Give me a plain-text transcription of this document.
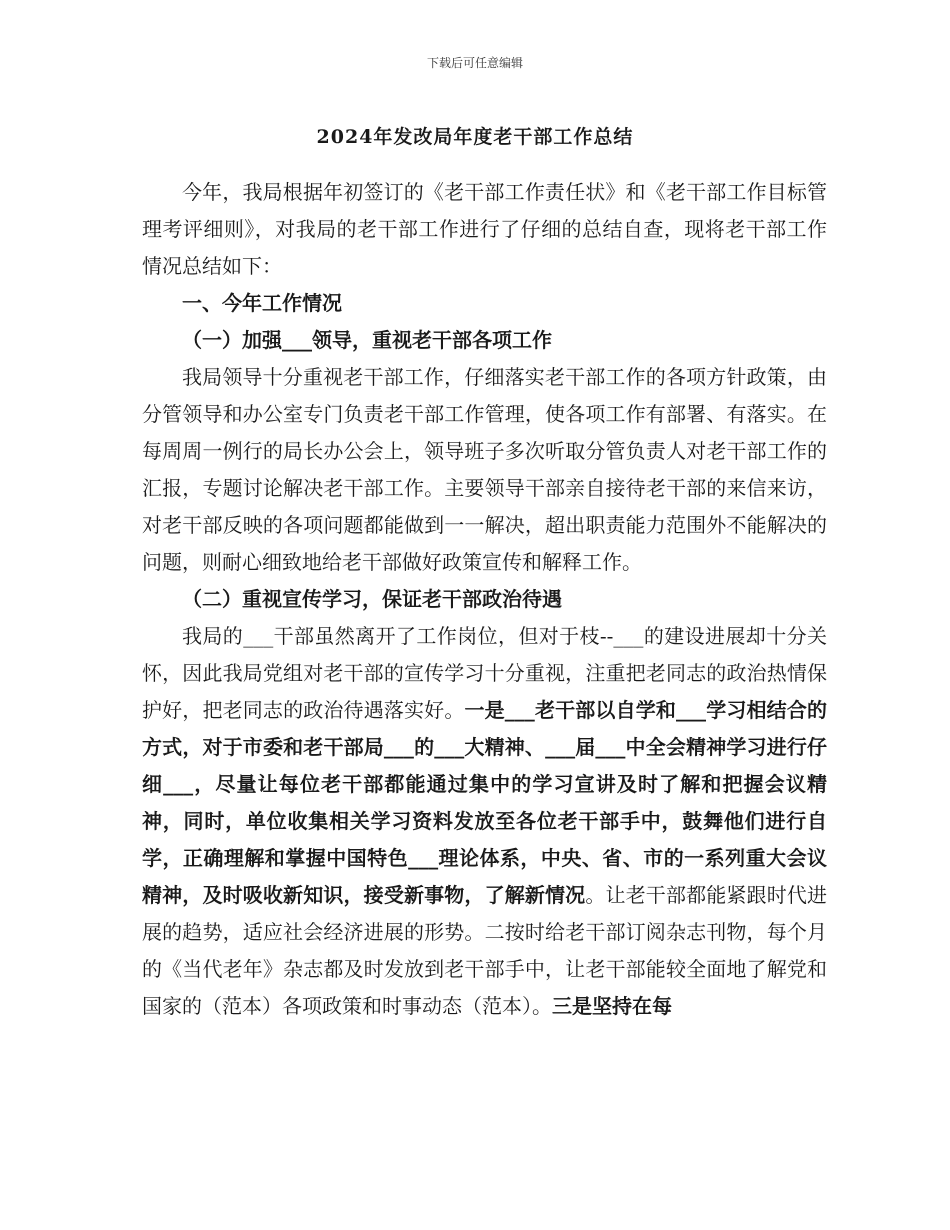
下载后可任意编辑
2024年发改局年度老干部工作总结

今年，我局根据年初签订的《老干部工作责任状》和《老干部工作目标管理考评细则》，对我局的老干部工作进行了仔细的总结自查，现将老干部工作情况总结如下：

一、今年工作情况

（一）加强___领导，重视老干部各项工作

我局领导十分重视老干部工作，仔细落实老干部工作的各项方针政策，由分管领导和办公室专门负责老干部工作管理，使各项工作有部署、有落实。在每周周一例行的局长办公会上，领导班子多次听取分管负责人对老干部工作的汇报，专题讨论解决老干部工作。主要领导干部亲自接待老干部的来信来访，对老干部反映的各项问题都能做到一一解决，超出职责能力范围外不能解决的问题，则耐心细致地给老干部做好政策宣传和解释工作。

（二）重视宣传学习，保证老干部政治待遇

我局的___干部虽然离开了工作岗位，但对于枝--___的建设进展却十分关怀，因此我局党组对老干部的宣传学习十分重视，注重把老同志的政治热情保护好，把老同志的政治待遇落实好。一是___老干部以自学和___学习相结合的方式，对于市委和老干部局___的___大精神、___届___中全会精神学习进行仔细___，尽量让每位老干部都能通过集中的学习宣讲及时了解和把握会议精神，同时，单位收集相关学习资料发放至各位老干部手中，鼓舞他们进行自学，正确理解和掌握中国特色___理论体系，中央、省、市的一系列重大会议精神，及时吸收新知识，接受新事物，了解新情况。让老干部都能紧跟时代进展的趋势，适应社会经济进展的形势。二按时给老干部订阅杂志刊物，每个月的《当代老年》杂志都及时发放到老干部手中，让老干部能较全面地了解党和国家的（范本）各项政策和时事动态（范本）。三是坚持在每
